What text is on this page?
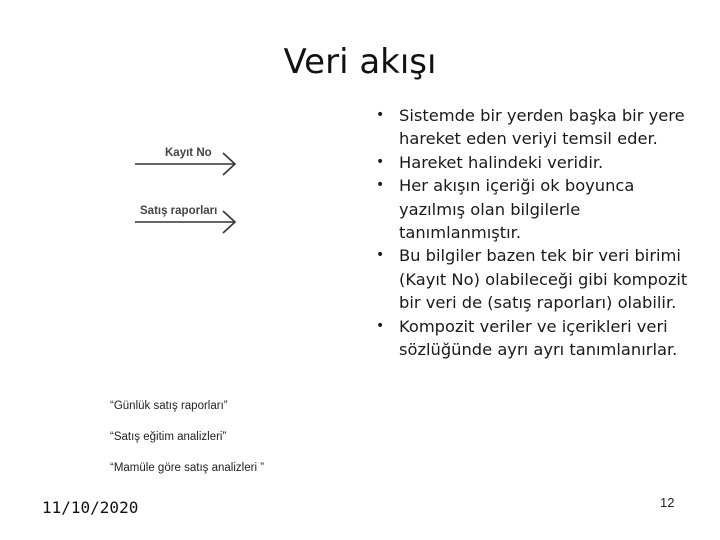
Veri akışı
Kayıt No
Satış raporları
“Günlük satış raporları”
“Satış eğitim analizleri”
“Mamüle göre satış analizleri ”
• Sistemde bir yerden başka bir yere hareket eden veriyi temsil eder.
• Hareket halindeki veridir.
• Her akışın içeriği ok boyunca yazılmış olan bilgilerle tanımlanmıştır.
• Bu bilgiler bazen tek bir veri birimi (Kayıt No) olabileceği gibi kompozit bir veri de (satış raporları) olabilir.
• Kompozit veriler ve içerikleri veri sözlüğünde ayrı ayrı tanımlanırlar.
11/10/2020	12
